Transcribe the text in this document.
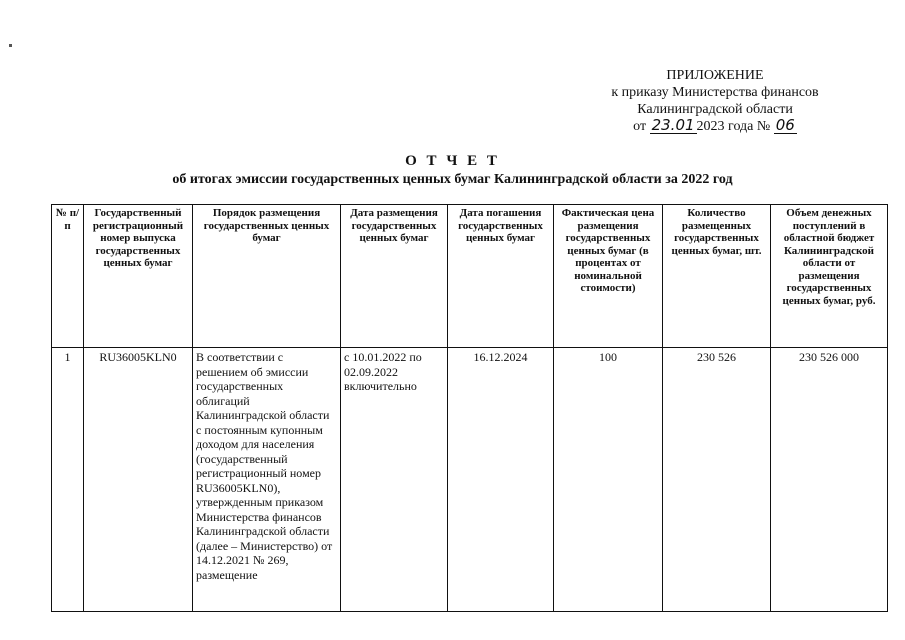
ПРИЛОЖЕНИЕ
к приказу Министерства финансов
Калининградской области
от 23.01 2023 года № 06
О Т Ч Е Т
об итогах эмиссии государственных ценных бумаг Калининградской области за 2022 год
№ п/п	Государственный регистрационный номер выпуска государственных ценных бумаг	Порядок размещения государственных ценных бумаг	Дата размещения государственных ценных бумаг	Дата погашения государственных ценных бумаг	Фактическая цена размещения государственных ценных бумаг (в процентах от номинальной стоимости)	Количество размещенных государственных ценных бумаг, шт.	Объем денежных поступлений в областной бюджет Калининградской области от размещения государственных ценных бумаг, руб.
1	RU36005KLN0	В соответствии с решением об эмиссии государственных облигаций Калининградской области с постоянным купонным доходом для населения (государственный регистрационный номер RU36005KLN0), утвержденным приказом Министерства финансов Калининградской области (далее – Министерство) от 14.12.2021 № 269, размещение	с 10.01.2022 по 02.09.2022 включительно	16.12.2024	100	230 526	230 526 000
